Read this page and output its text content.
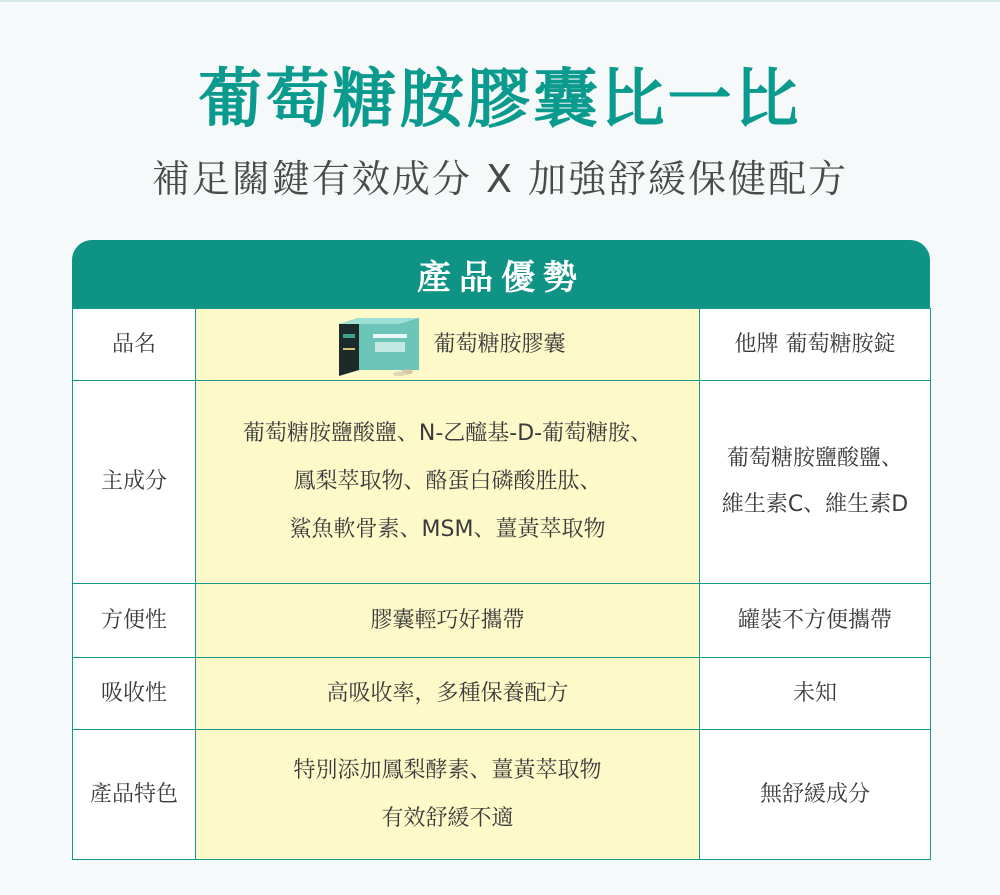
葡萄糖胺膠囊比一比
補足關鍵有效成分 X 加強舒緩保健配方
產品優勢
品名	葡萄糖胺膠囊	他牌 葡萄糖胺錠
主成分	葡萄糖胺鹽酸鹽、N-乙醯基-D-葡萄糖胺、
鳳梨萃取物、酪蛋白磷酸胜肽、
鯊魚軟骨素、MSM、薑黃萃取物	葡萄糖胺鹽酸鹽、
維生素C、維生素D

方便性	膠囊輕巧好攜帶	罐裝不方便攜帶
吸收性	高吸收率，多種保養配方	未知
產品特色	特別添加鳳梨酵素、薑黃萃取物
有效舒緩不適	無舒緩成分
